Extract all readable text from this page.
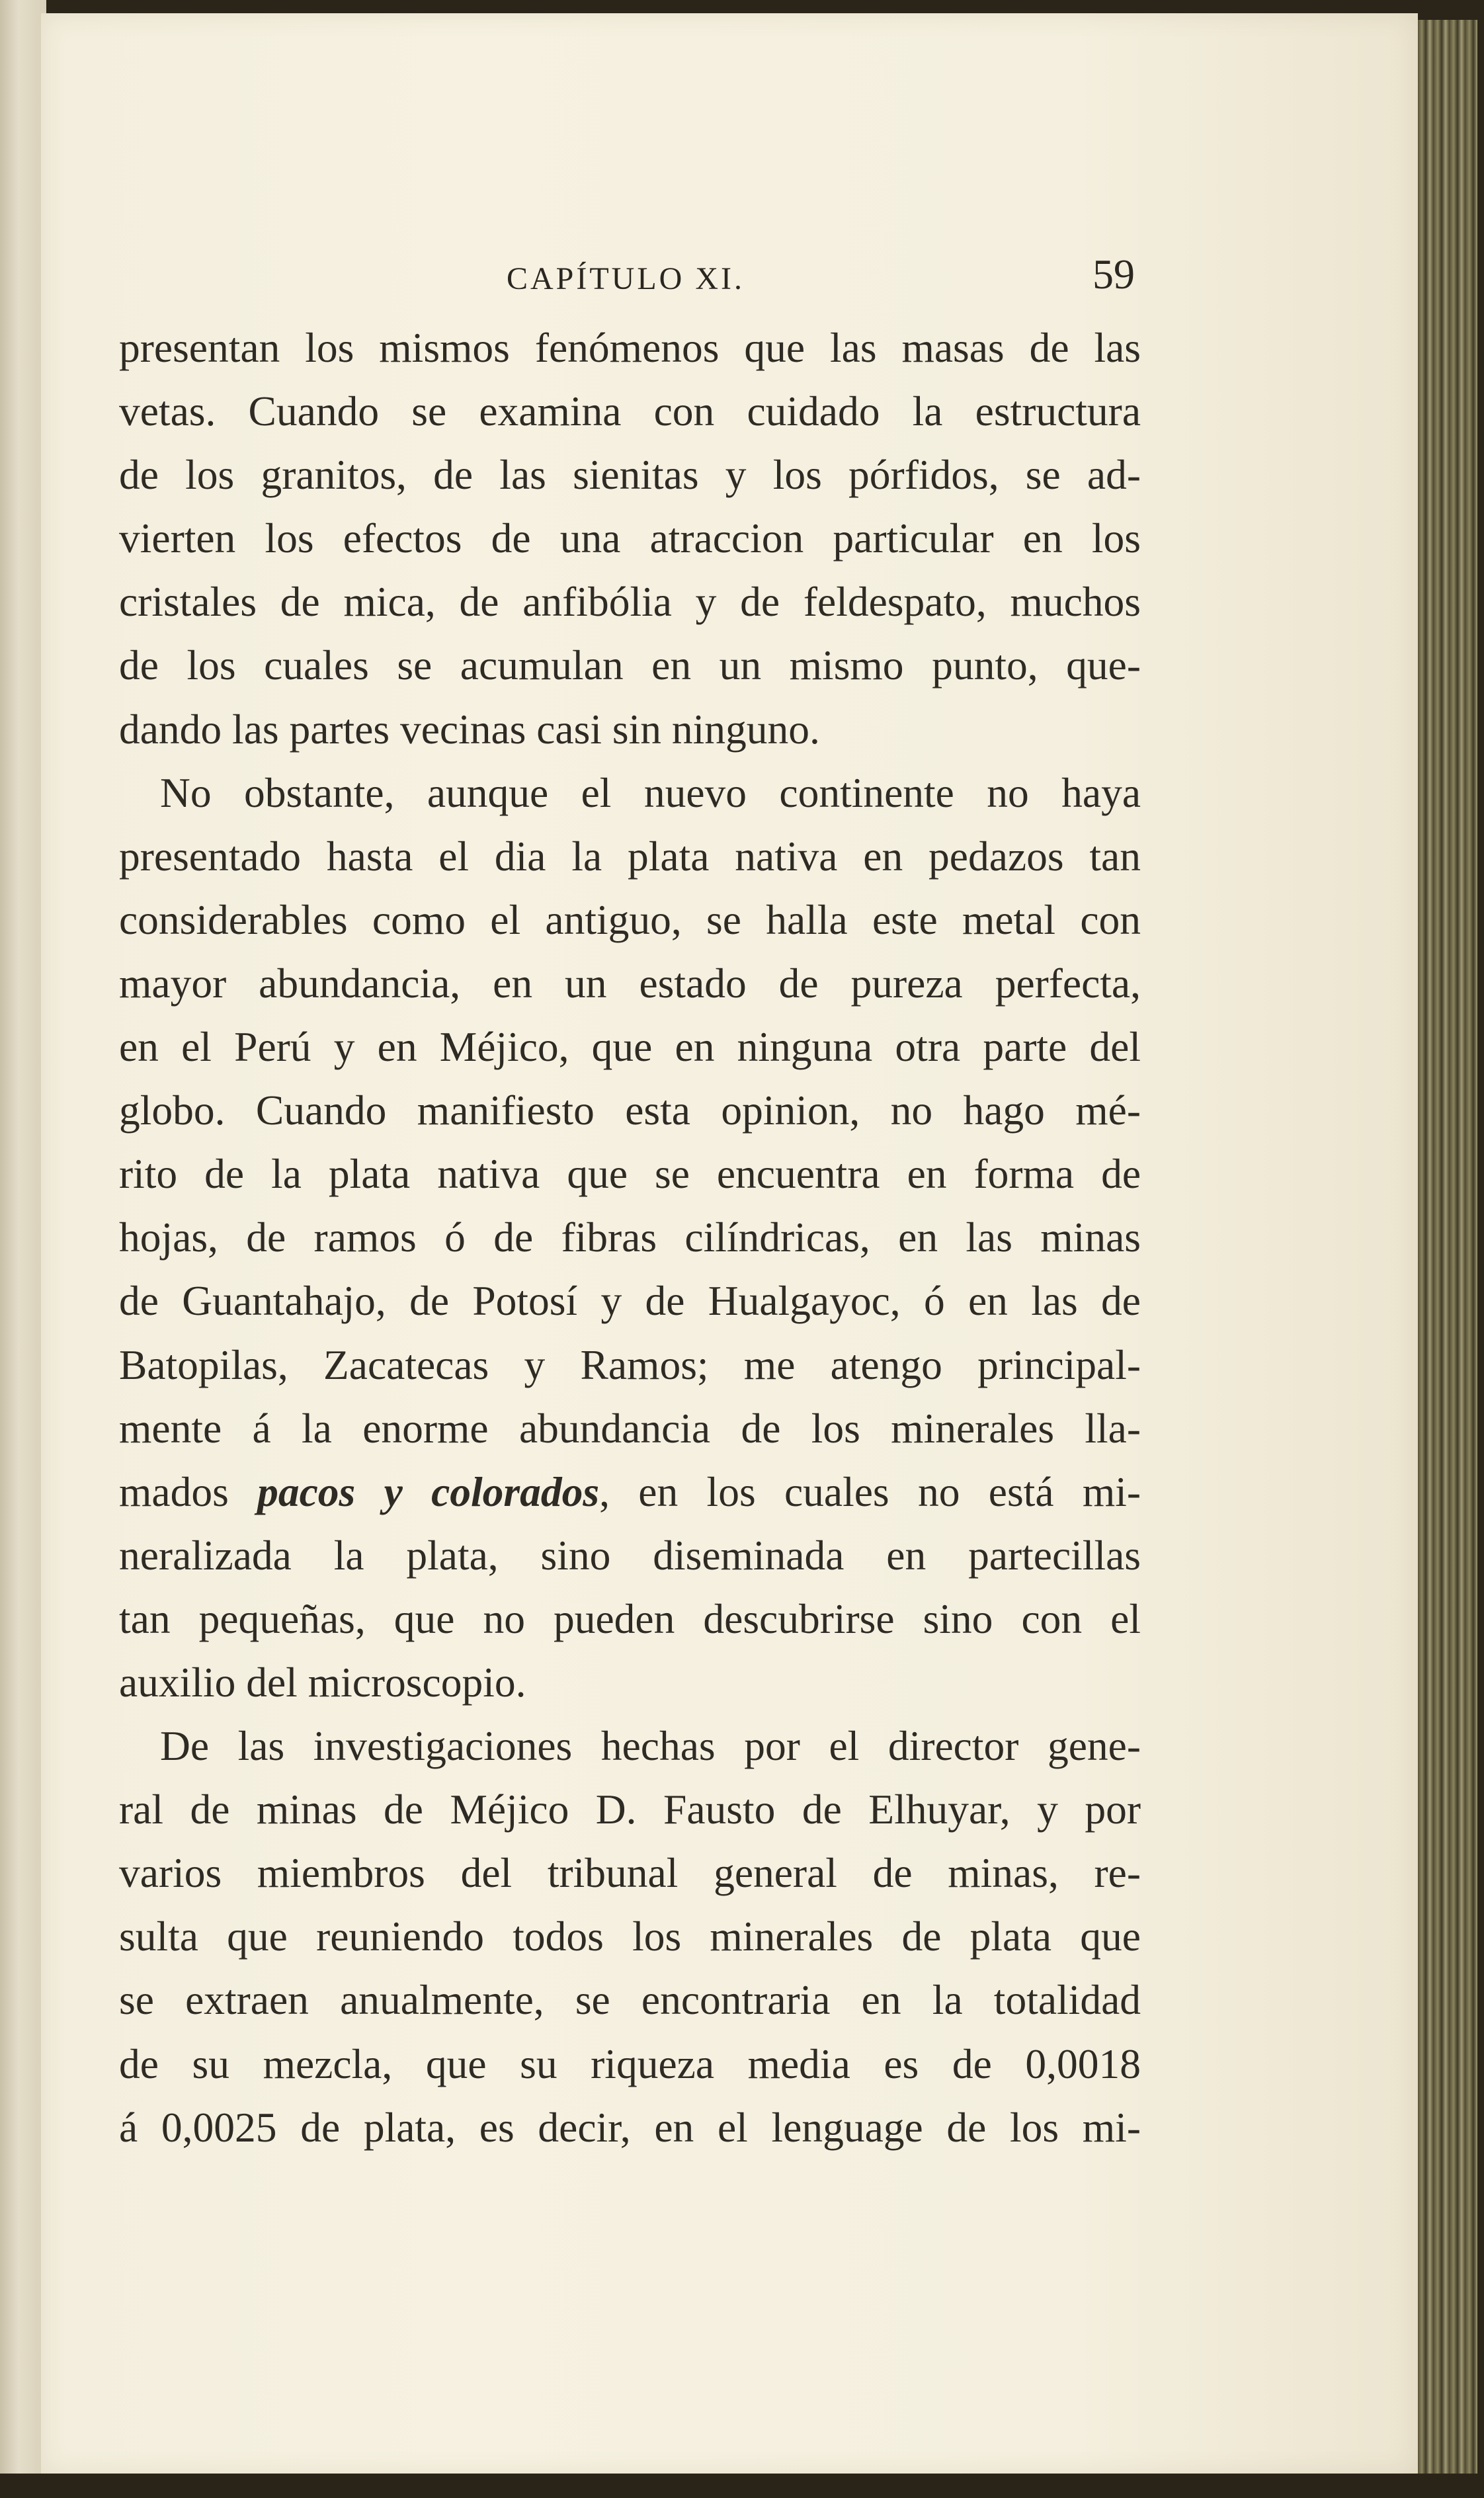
CAPÍTULO XI.	59
presentan los mismos fenómenos que las masas de las
vetas. Cuando se examina con cuidado la estructura
de los granitos, de las sienitas y los pórfidos, se ad-
vierten los efectos de una atraccion particular en los
cristales de mica, de anfibólia y de feldespato, muchos
de los cuales se acumulan en un mismo punto, que-
dando las partes vecinas casi sin ninguno.
No obstante, aunque el nuevo continente no haya
presentado hasta el dia la plata nativa en pedazos tan
considerables como el antiguo, se halla este metal con
mayor abundancia, en un estado de pureza perfecta,
en el Perú y en Méjico, que en ninguna otra parte del
globo. Cuando manifiesto esta opinion, no hago mé-
rito de la plata nativa que se encuentra en forma de
hojas, de ramos ó de fibras cilíndricas, en las minas
de Guantahajo, de Potosí y de Hualgayoc, ó en las de
Batopilas, Zacatecas y Ramos; me atengo principal-
mente á la enorme abundancia de los minerales lla-
mados pacos y colorados, en los cuales no está mi-
neralizada la plata, sino diseminada en partecillas
tan pequeñas, que no pueden descubrirse sino con el
auxilio del microscopio.
De las investigaciones hechas por el director gene-
ral de minas de Méjico D. Fausto de Elhuyar, y por
varios miembros del tribunal general de minas, re-
sulta que reuniendo todos los minerales de plata que
se extraen anualmente, se encontraria en la totalidad
de su mezcla, que su riqueza media es de 0,0018
á 0,0025 de plata, es decir, en el lenguage de los mi-
